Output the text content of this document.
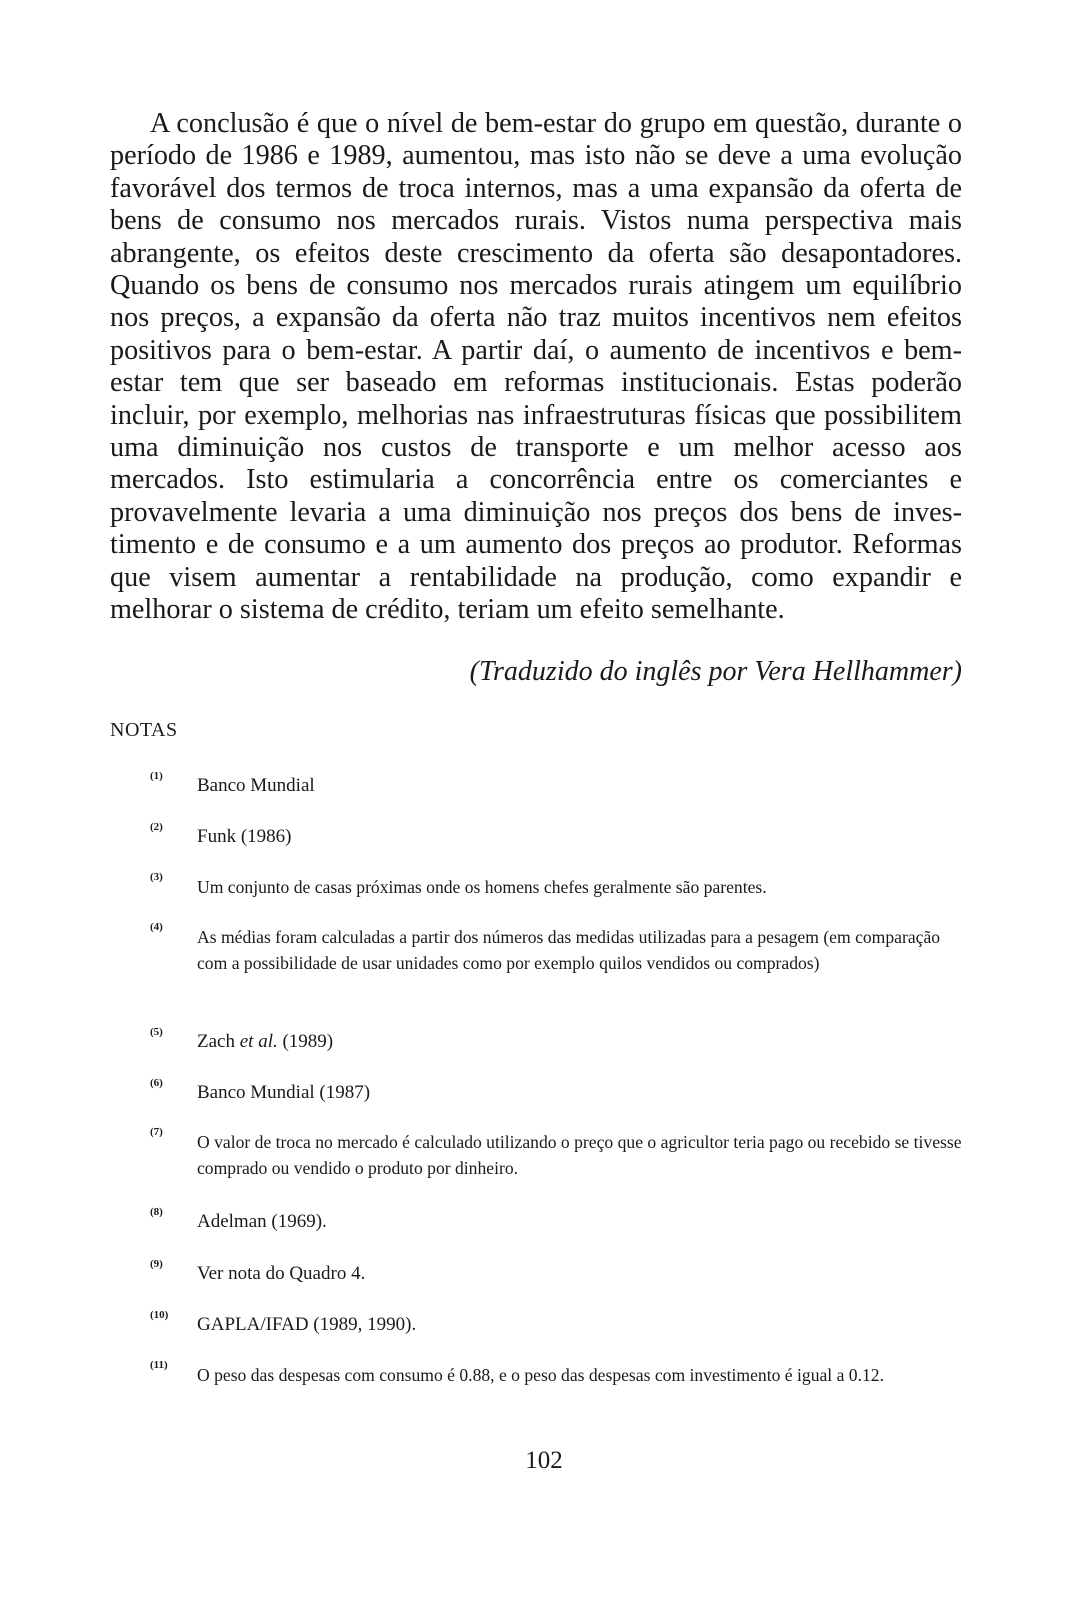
A conclusão é que o nível de bem-estar do grupo em questão, durante o período de 1986 e 1989, aumentou, mas isto não se deve a uma evolução favorável dos termos de troca internos, mas a uma expansão da oferta de bens de consumo nos mercados rurais. Vistos numa perspectiva mais abrangente, os efeitos deste crescimento da oferta são desapontadores. Quando os bens de consumo nos mercados rurais atingem um equilíbrio nos preços, a expansão da oferta não traz muitos incentivos nem efeitos positivos para o bem-estar. A partir daí, o aumento de incentivos e bem-estar tem que ser baseado em reformas institucionais. Estas poderão incluir, por exemplo, melhorias nas infraestruturas físicas que possibilitem uma diminuição nos custos de transporte e um melhor acesso aos mercados. Isto estimularia a concorrência entre os comerciantes e provavelmente levaria a uma diminuição nos preços dos bens de investimento e de consumo e a um aumento dos preços ao produtor. Reformas que visem aumentar a rentabilidade na produção, como expandir e melhorar o sistema de crédito, teriam um efeito semelhante.

(Traduzido do inglês por Vera Hellhammer)

NOTAS
(1) Banco Mundial
(2) Funk (1986)
(3) Um conjunto de casas próximas onde os homens chefes geralmente são parentes.
(4) As médias foram calculadas a partir dos números das medidas utilizadas para a pesagem (em comparação com a possibilidade de usar unidades como por exemplo quilos vendidos ou comprados)
(5) Zach et al. (1989)
(6) Banco Mundial (1987)
(7) O valor de troca no mercado é calculado utilizando o preço que o agricultor teria pago ou recebido se tivesse comprado ou vendido o produto por dinheiro.
(8) Adelman (1969).
(9) Ver nota do Quadro 4.
(10) GAPLA/IFAD (1989, 1990).
(11) O peso das despesas com consumo é 0.88, e o peso das despesas com investimento é igual a 0.12.

102
